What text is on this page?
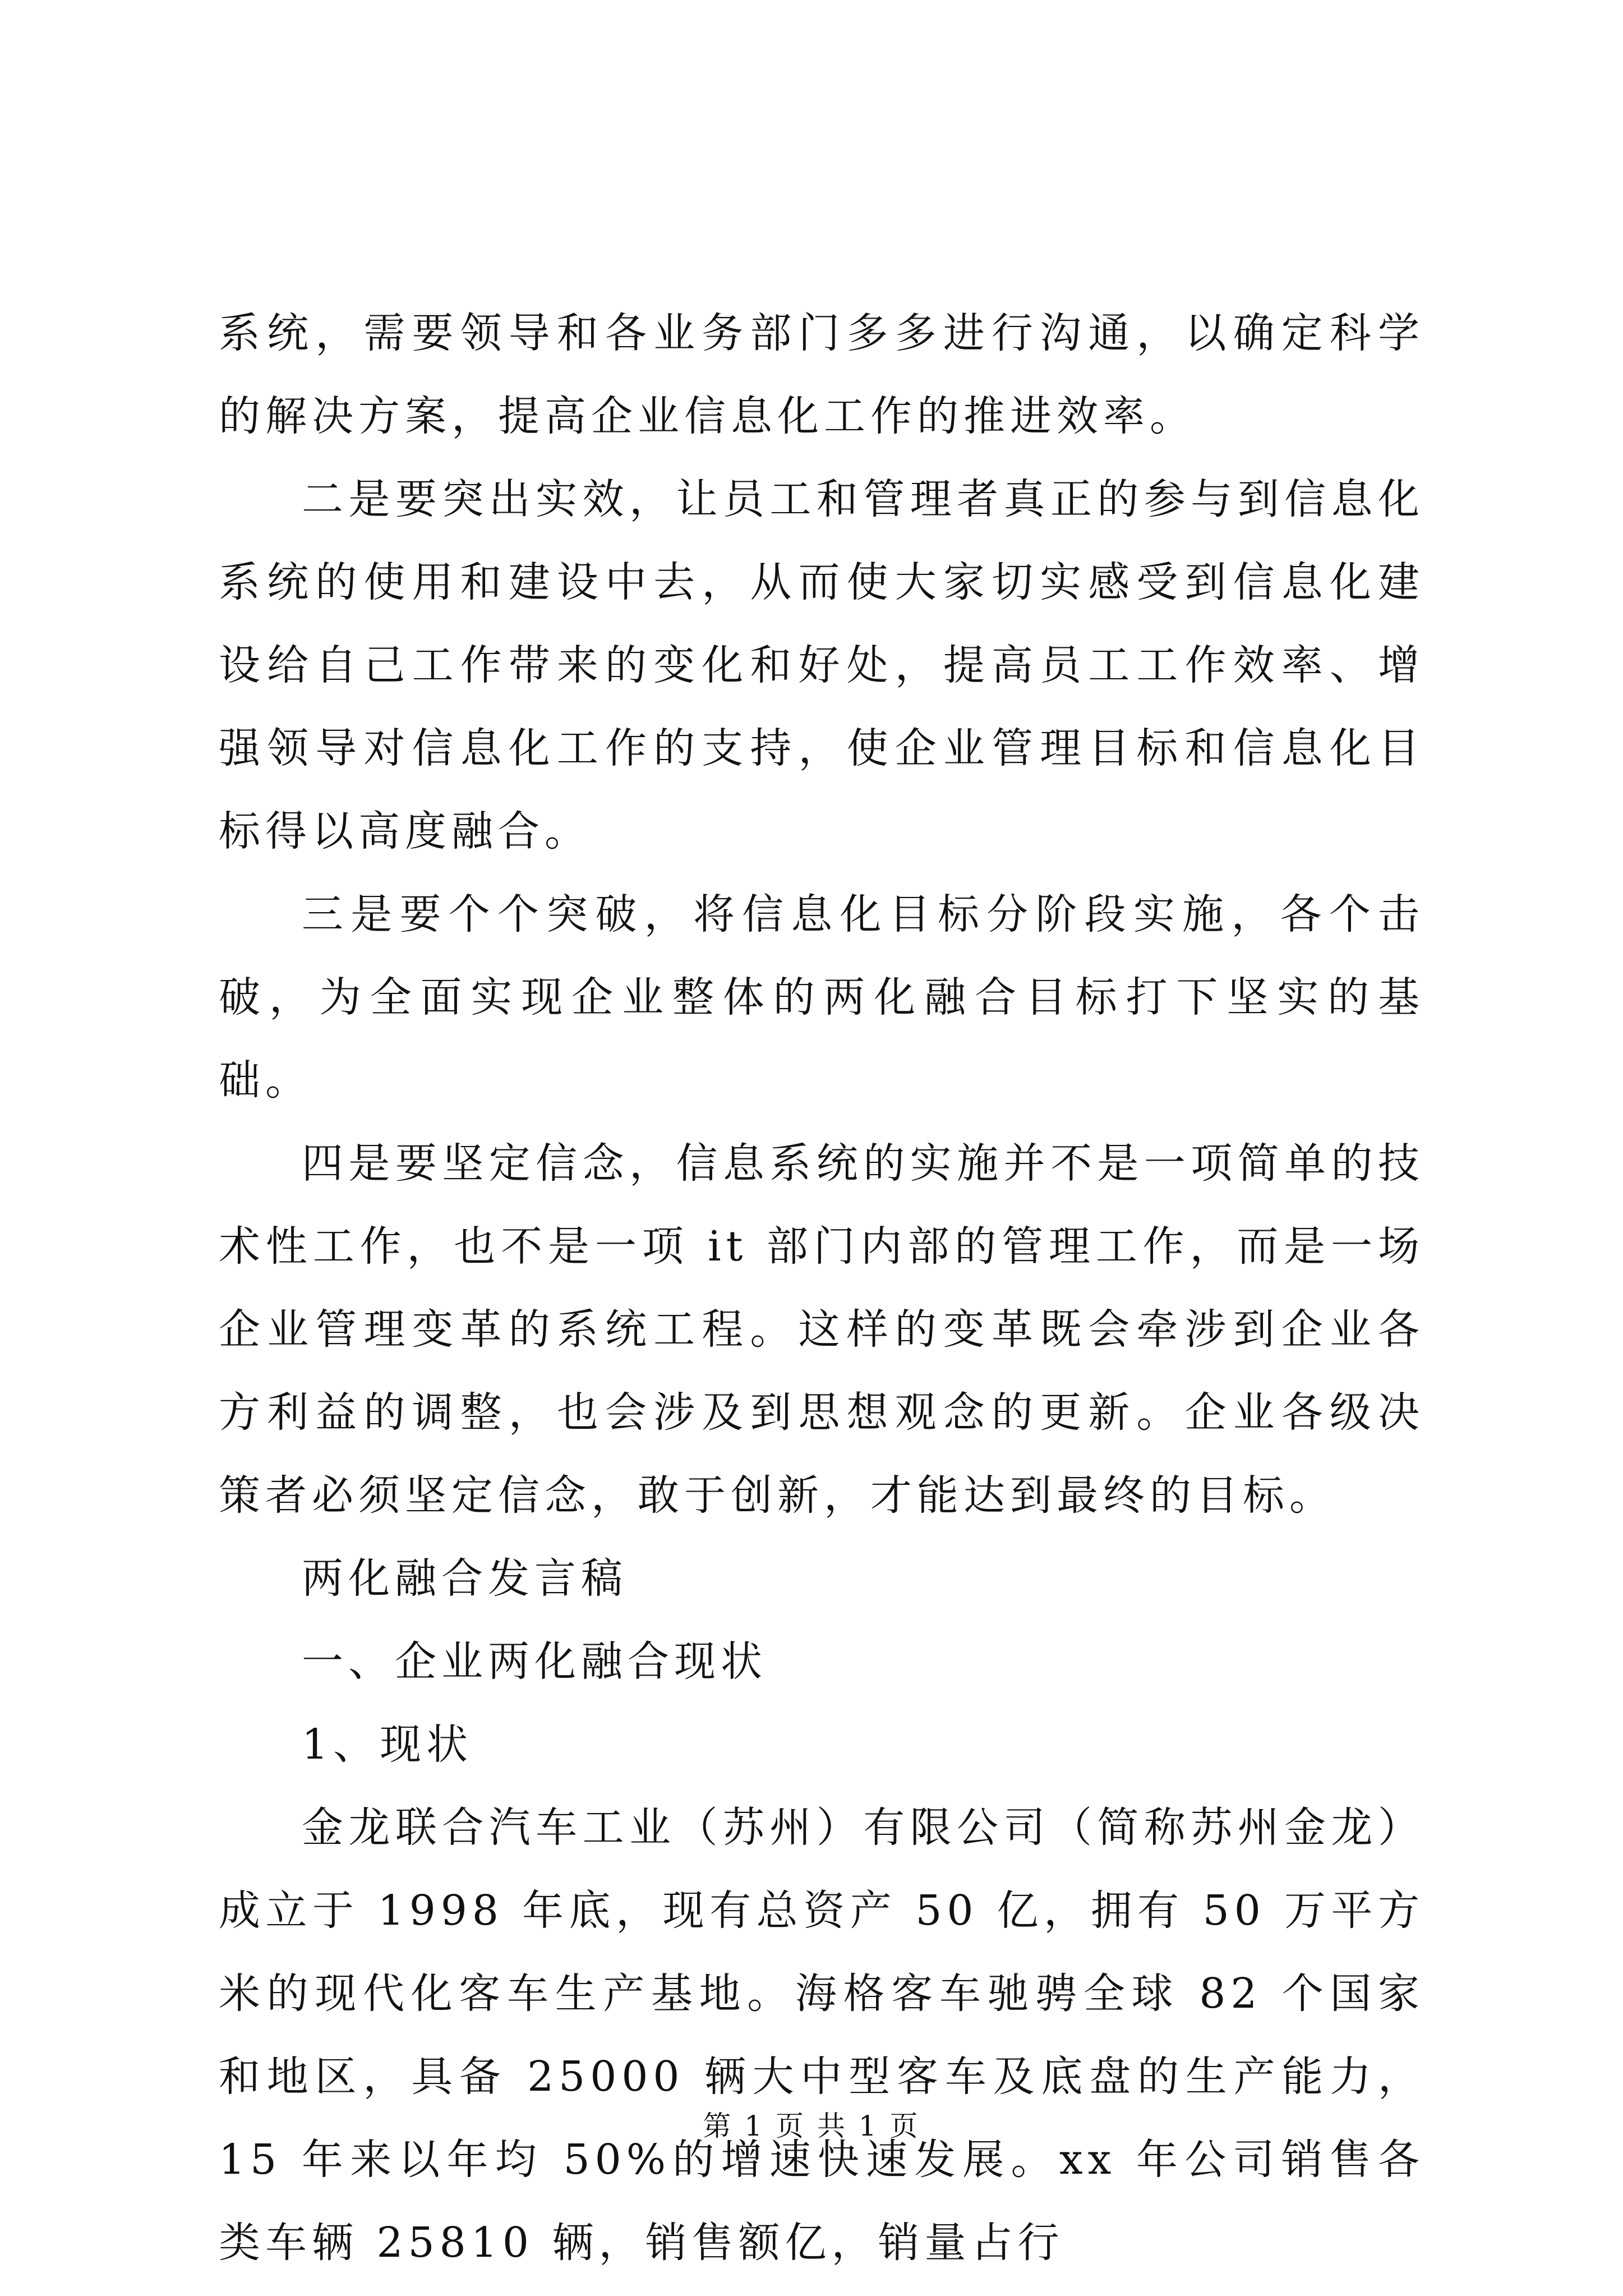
系统，需要领导和各业务部门多多进行沟通，以确定科学的解决方案，提高企业信息化工作的推进效率。

二是要突出实效，让员工和管理者真正的参与到信息化系统的使用和建设中去，从而使大家切实感受到信息化建设给自己工作带来的变化和好处，提高员工工作效率、增强领导对信息化工作的支持，使企业管理目标和信息化目标得以高度融合。

三是要个个突破，将信息化目标分阶段实施，各个击破，为全面实现企业整体的两化融合目标打下坚实的基础。

四是要坚定信念，信息系统的实施并不是一项简单的技术性工作，也不是一项 it 部门内部的管理工作，而是一场企业管理变革的系统工程。这样的变革既会牵涉到企业各方利益的调整，也会涉及到思想观念的更新。企业各级决策者必须坚定信念，敢于创新，才能达到最终的目标。

两化融合发言稿

一、企业两化融合现状

1、现状

金龙联合汽车工业（苏州）有限公司（简称苏州金龙）成立于 1998 年底，现有总资产 50 亿，拥有 50 万平方米的现代化客车生产基地。海格客车驰骋全球 82 个国家和地区，具备 25000 辆大中型客车及底盘的生产能力，15 年来以年均 50%的增速快速发展。xx 年公司销售各类车辆 25810 辆，销售额亿，销量占行

第 1 页 共 1 页
